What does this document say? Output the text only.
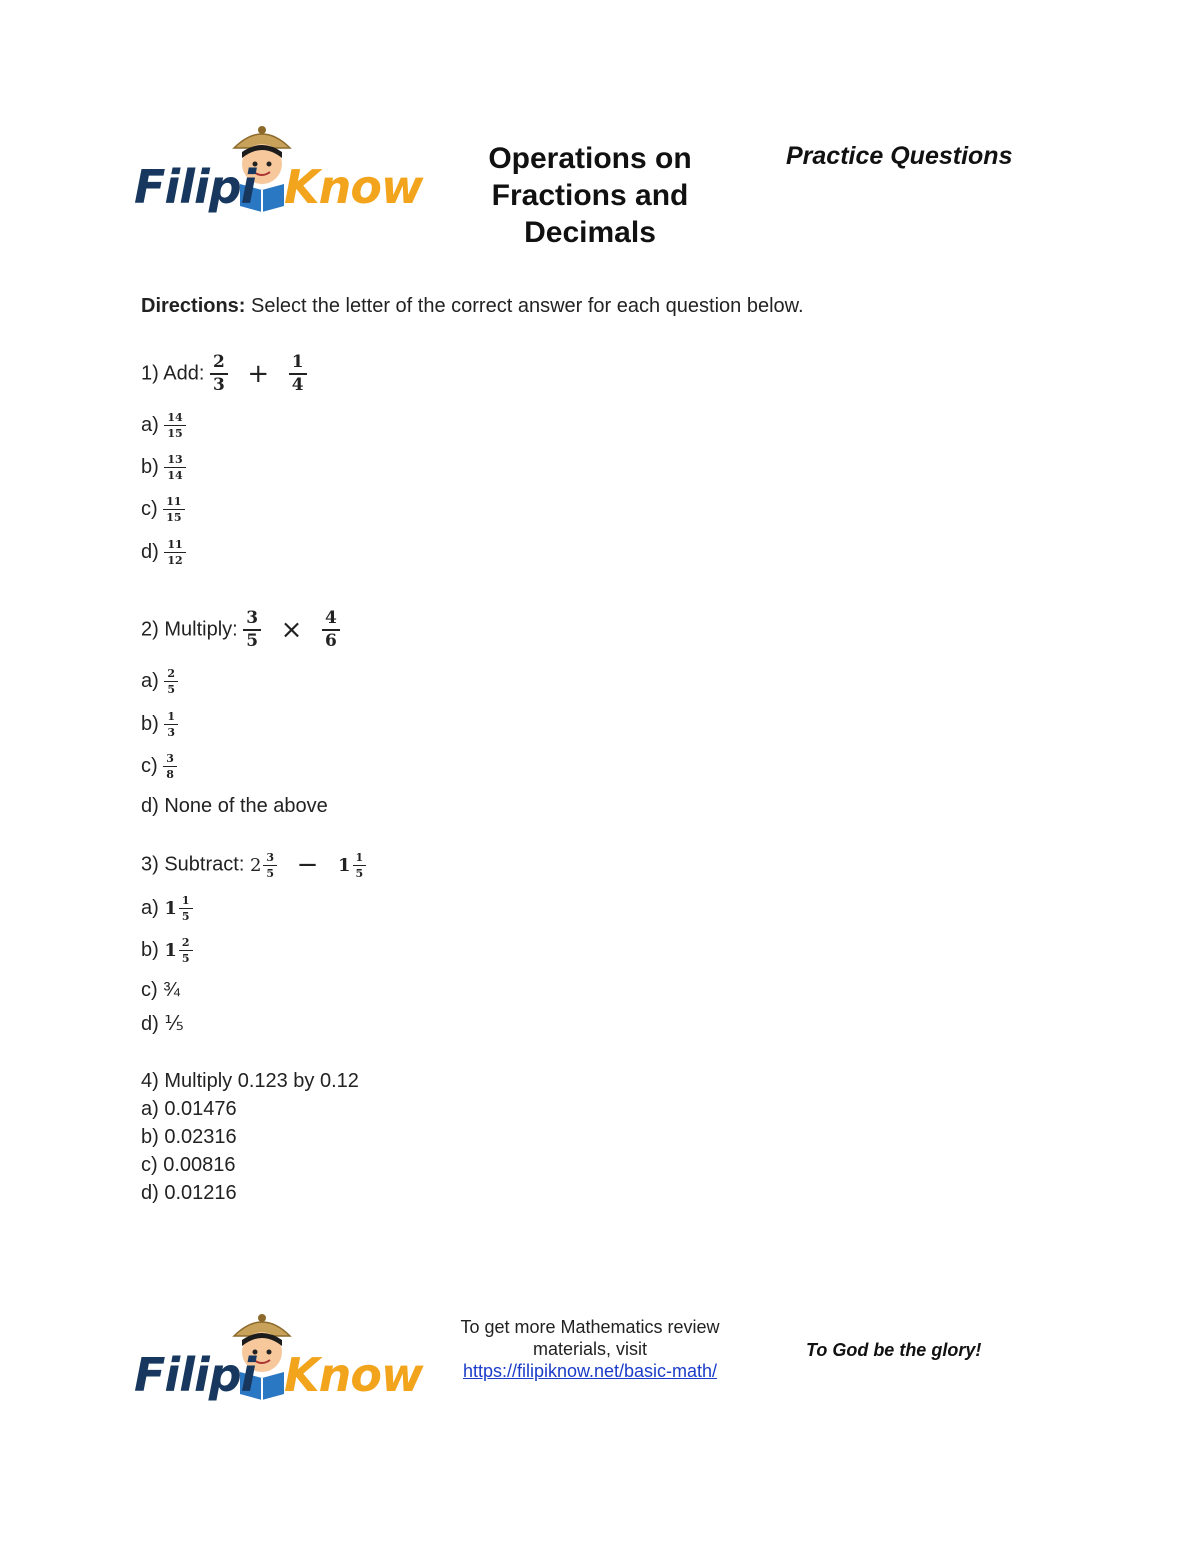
Filipi Know
Operations on
Fractions and
Decimals
Practice Questions
Directions: Select the letter of the correct answer for each question below.
1) Add: $\frac{2}{3} + \frac{1}{4}$
$a) \frac{14}{15}$
$b) \frac{13}{14}$
$c) \frac{11}{15}$
$d) \frac{11}{12}$
2) Multiply: $\frac{3}{5} \times \frac{4}{6}$
$a) \frac{2}{5}$
$b) \frac{1}{3}$
$c) \frac{3}{8}$
d) None of the above
3) Subtract: $2 \frac{3}{5} - 1 \frac{1}{5}$
a) $1 \frac{1}{5}$
b) $1 \frac{2}{5}$
c) ¾
d) ⅕
4) Multiply 0.123 by 0.12
a) 0.01476
b) 0.02316
c) 0.00816
d) 0.01216
Filipi Know
To get more Mathematics review
materials, visit
https://filipiknow.net/basic-math/
To God be the glory!
